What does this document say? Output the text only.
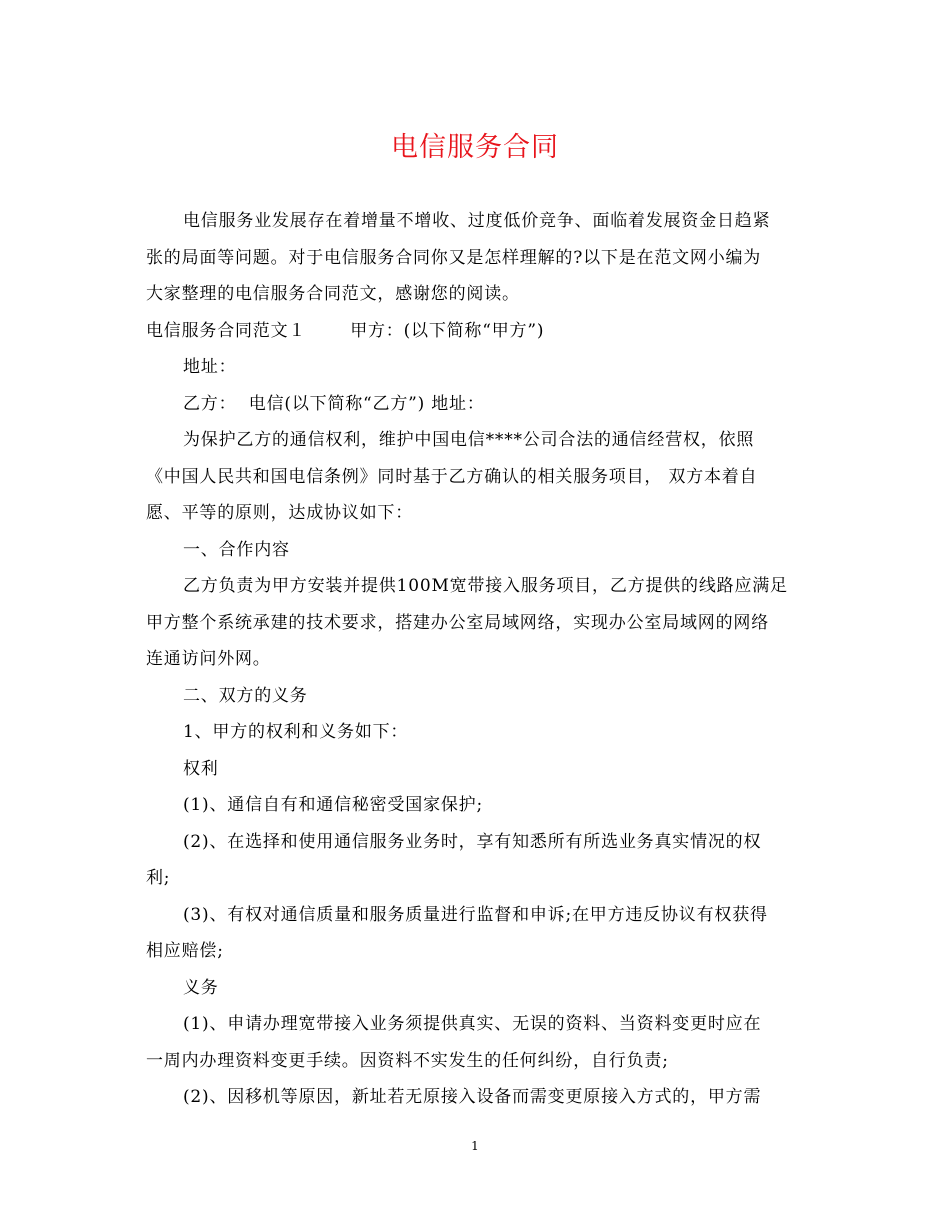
电信服务合同
电信服务业发展存在着增量不增收、过度低价竞争、面临着发展资金日趋紧
张的局面等问题。对于电信服务合同你又是怎样理解的?以下是在范文网小编为
大家整理的电信服务合同范文，感谢您的阅读。
电信服务合同范文１	甲方：(以下简称“甲方”)
地址：
乙方：  电信(以下简称“乙方”) 地址：
为保护乙方的通信权利，维护中国电信****公司合法的通信经营权，依照
《中国人民共和国电信条例》同时基于乙方确认的相关服务项目， 双方本着自
愿、平等的原则，达成协议如下：
一、合作内容
乙方负责为甲方安装并提供100M宽带接入服务项目，乙方提供的线路应满足
甲方整个系统承建的技术要求，搭建办公室局域网络，实现办公室局域网的网络
连通访问外网。
二、双方的义务
1、甲方的权利和义务如下：
权利
(1)、通信自有和通信秘密受国家保护;
(2)、在选择和使用通信服务业务时，享有知悉所有所选业务真实情况的权
利;
(3)、有权对通信质量和服务质量进行监督和申诉;在甲方违反协议有权获得
相应赔偿;
义务
(1)、申请办理宽带接入业务须提供真实、无误的资料、当资料变更时应在
一周内办理资料变更手续。因资料不实发生的任何纠纷，自行负责;
(2)、因移机等原因，新址若无原接入设备而需变更原接入方式的，甲方需
1
